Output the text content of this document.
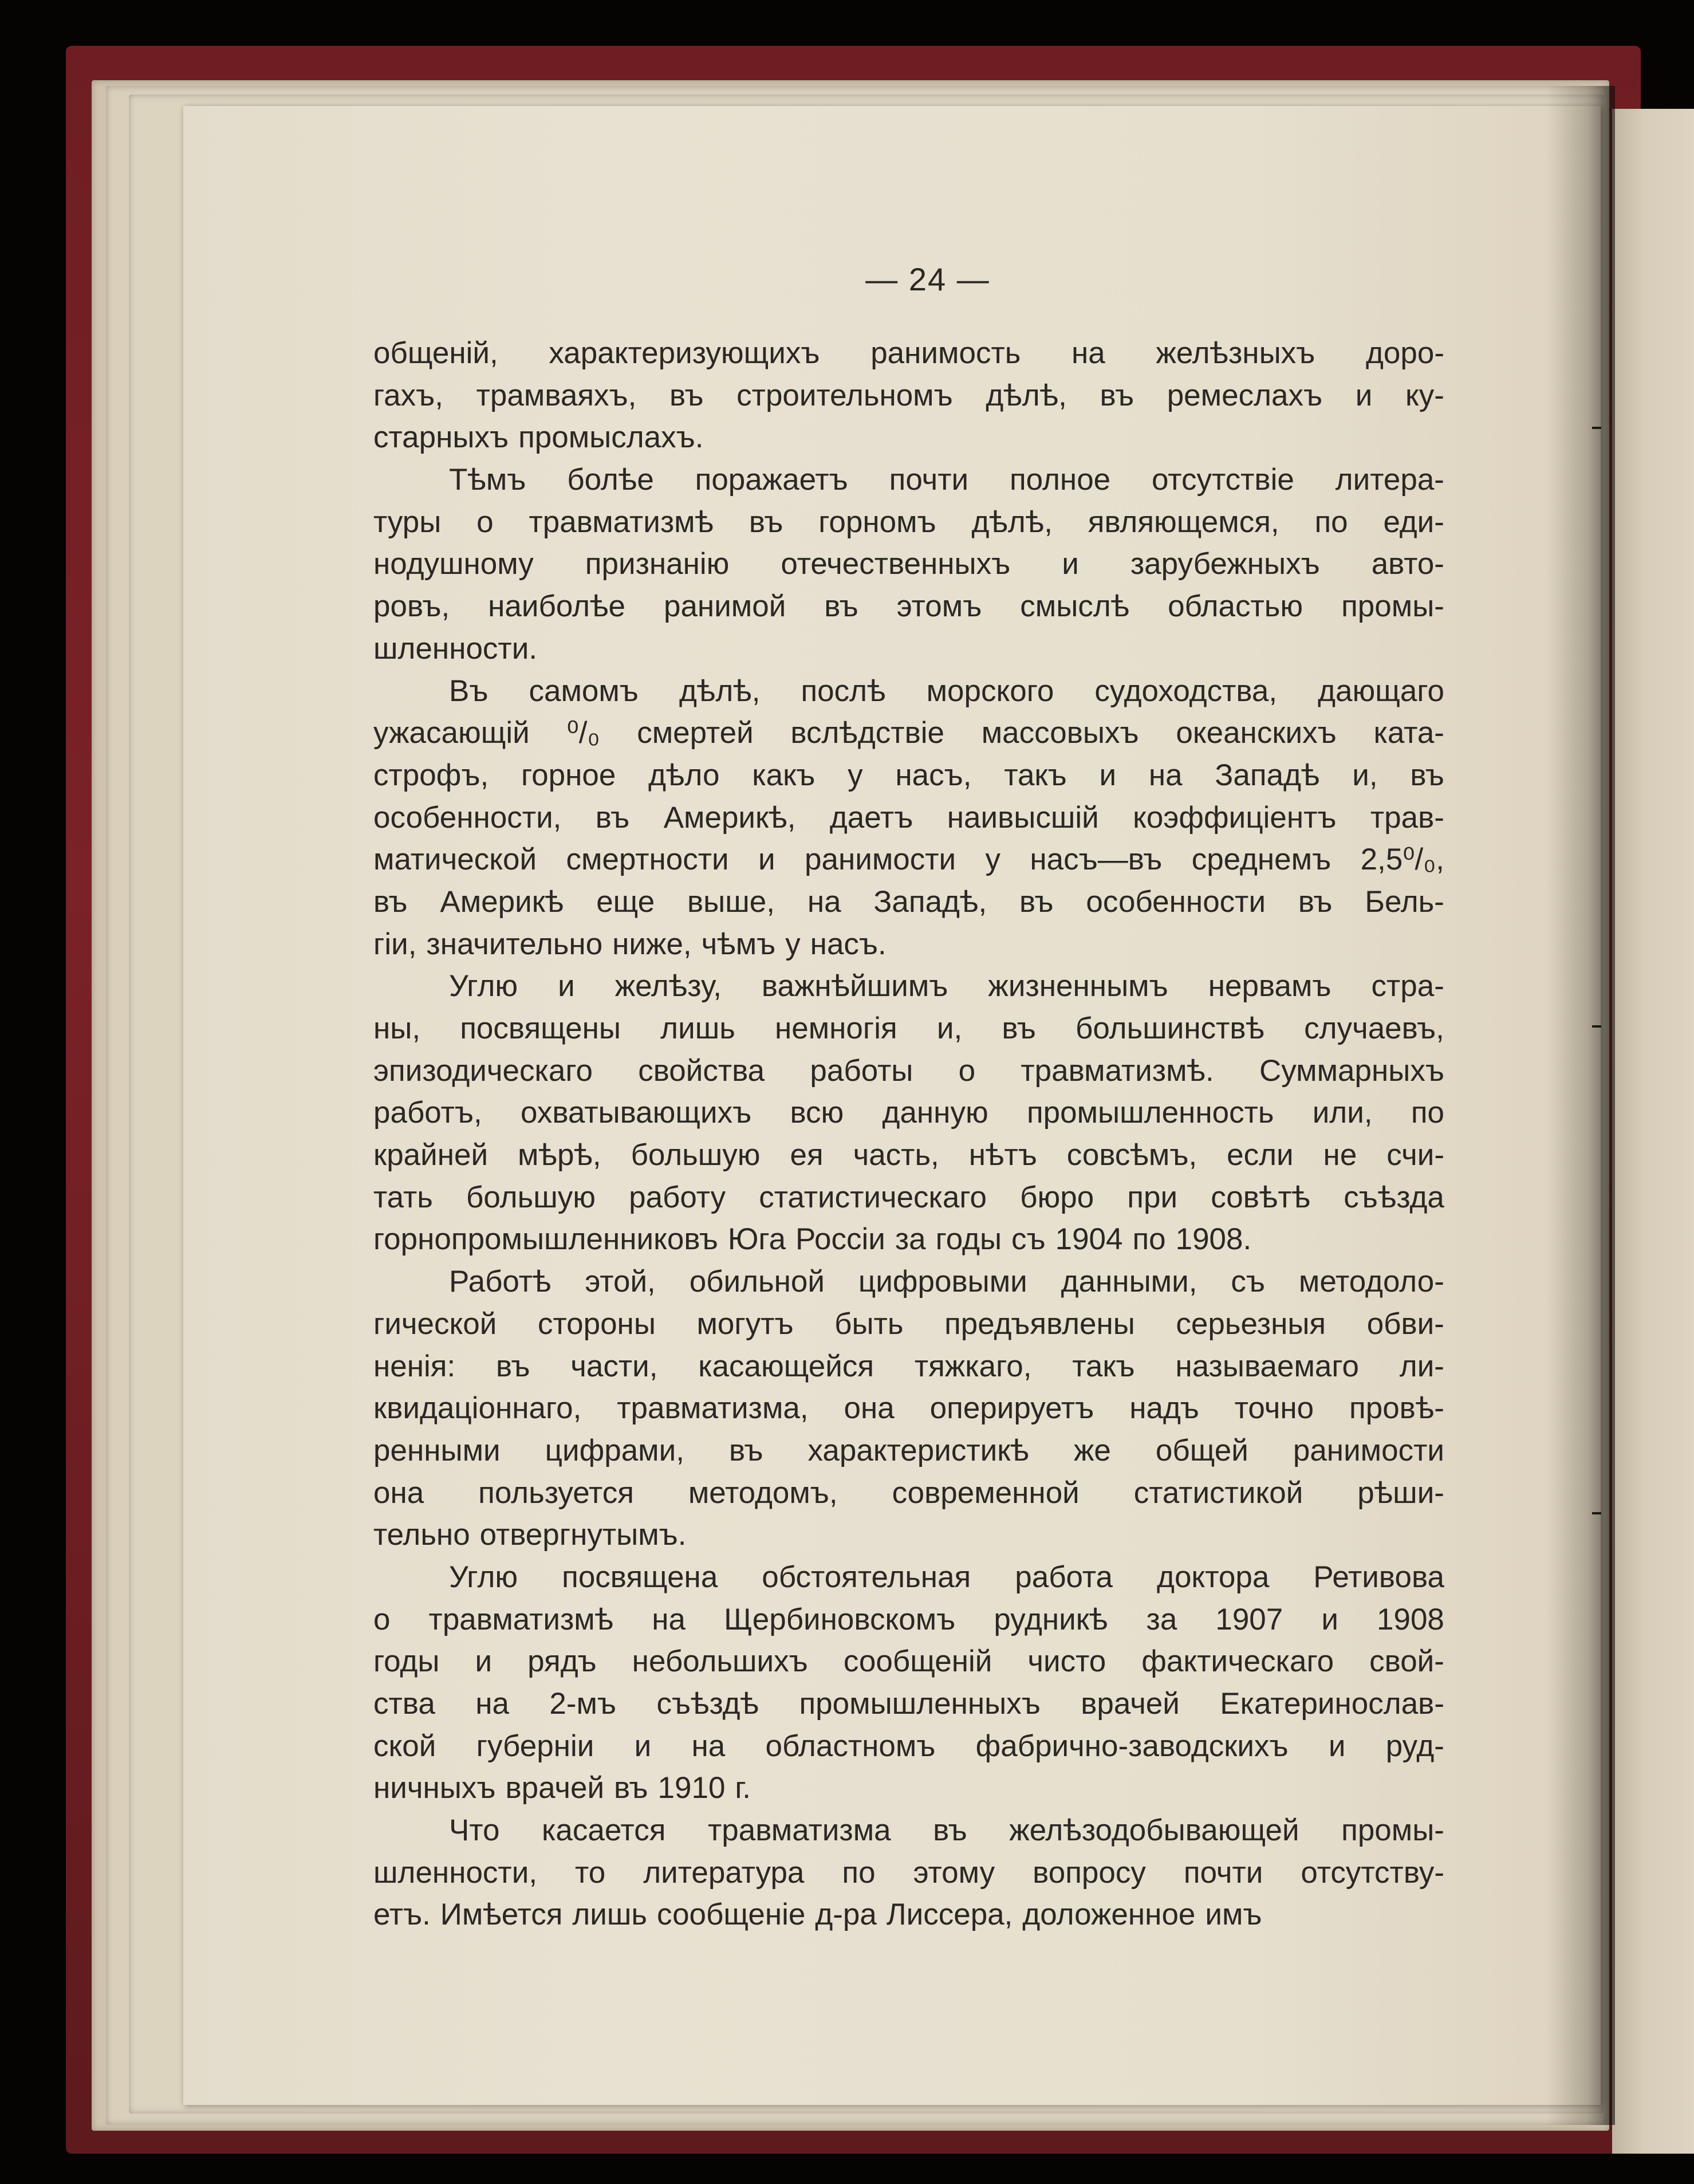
— 24 —
общеній, характеризующихъ ранимость на желѣзныхъ доро-
гахъ, трамваяхъ, въ строительномъ дѣлѣ, въ ремеслахъ и ку-
старныхъ промыслахъ.
Тѣмъ болѣе поражаетъ почти полное отсутствіе литера-
туры о травматизмѣ въ горномъ дѣлѣ, являющемся, по еди-
нодушному признанію отечественныхъ и зарубежныхъ авто-
ровъ, наиболѣе ранимой въ этомъ смыслѣ областью промы-
шленности.
Въ самомъ дѣлѣ, послѣ морского судоходства, дающаго
ужасающій ⁰/₀ смертей вслѣдствіе массовыхъ океанскихъ ката-
строфъ, горное дѣло какъ у насъ, такъ и на Западѣ и, въ
особенности, въ Америкѣ, даетъ наивысшій коэффиціентъ трав-
матической смертности и ранимости у насъ—въ среднемъ 2,5⁰/₀,
въ Америкѣ еще выше, на Западѣ, въ особенности въ Бель-
гіи, значительно ниже, чѣмъ у насъ.
Углю и желѣзу, важнѣйшимъ жизненнымъ нервамъ стра-
ны, посвящены лишь немногія и, въ большинствѣ случаевъ,
эпизодическаго свойства работы о травматизмѣ. Суммарныхъ
работъ, охватывающихъ всю данную промышленность или, по
крайней мѣрѣ, большую ея часть, нѣтъ совсѣмъ, если не счи-
тать большую работу статистическаго бюро при совѣтѣ съѣзда
горнопромышленниковъ Юга Россіи за годы съ 1904 по 1908.
Работѣ этой, обильной цифровыми данными, съ методоло-
гической стороны могутъ быть предъявлены серьезныя обви-
ненія: въ части, касающейся тяжкаго, такъ называемаго ли-
квидаціоннаго, травматизма, она оперируетъ надъ точно провѣ-
ренными цифрами, въ характеристикѣ же общей ранимости
она пользуется методомъ, современной статистикой рѣши-
тельно отвергнутымъ.
Углю посвящена обстоятельная работа доктора Ретивова
о травматизмѣ на Щербиновскомъ рудникѣ за 1907 и 1908
годы и рядъ небольшихъ сообщеній чисто фактическаго свой-
ства на 2-мъ съѣздѣ промышленныхъ врачей Екатеринослав-
ской губерніи и на областномъ фабрично-заводскихъ и руд-
ничныхъ врачей въ 1910 г.
Что касается травматизма въ желѣзодобывающей промы-
шленности, то литература по этому вопросу почти отсутству-
етъ. Имѣется лишь сообщеніе д-ра Лиссера, доложенное имъ
